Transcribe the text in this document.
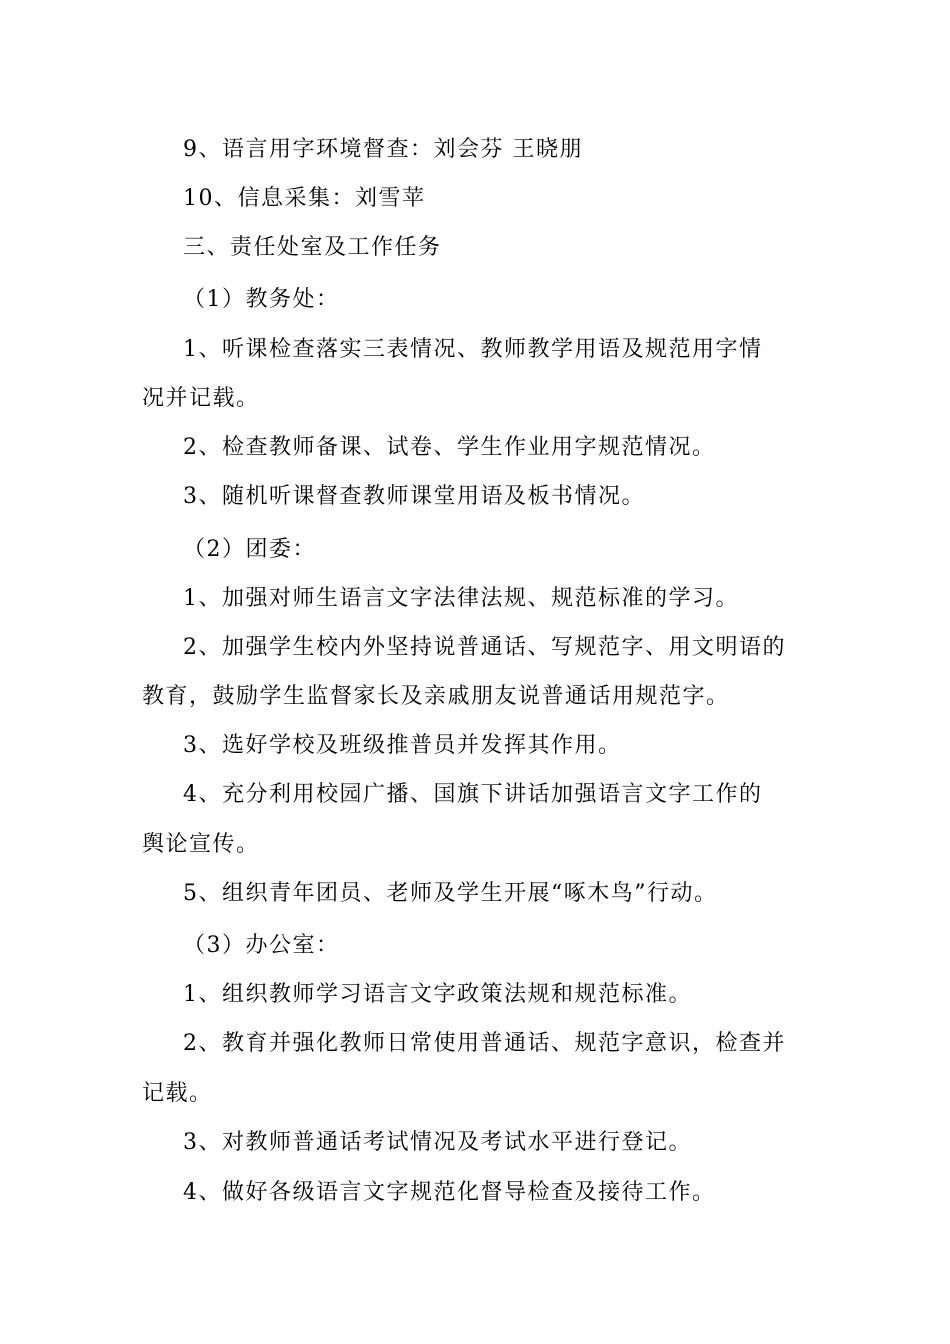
9、语言用字环境督查：刘会芬 王晓朋
10、信息采集：刘雪苹
三、责任处室及工作任务
（1）教务处：
1、听课检查落实三表情况、教师教学用语及规范用字情
况并记载。
2、检查教师备课、试卷、学生作业用字规范情况。
3、随机听课督查教师课堂用语及板书情况。
（2）团委：
1、加强对师生语言文字法律法规、规范标准的学习。
2、加强学生校内外坚持说普通话、写规范字、用文明语的
教育，鼓励学生监督家长及亲戚朋友说普通话用规范字。
3、选好学校及班级推普员并发挥其作用。
4、充分利用校园广播、国旗下讲话加强语言文字工作的
舆论宣传。
5、组织青年团员、老师及学生开展“啄木鸟”行动。
（3）办公室：
1、组织教师学习语言文字政策法规和规范标准。
2、教育并强化教师日常使用普通话、规范字意识，检查并
记载。
3、对教师普通话考试情况及考试水平进行登记。
4、做好各级语言文字规范化督导检查及接待工作。
